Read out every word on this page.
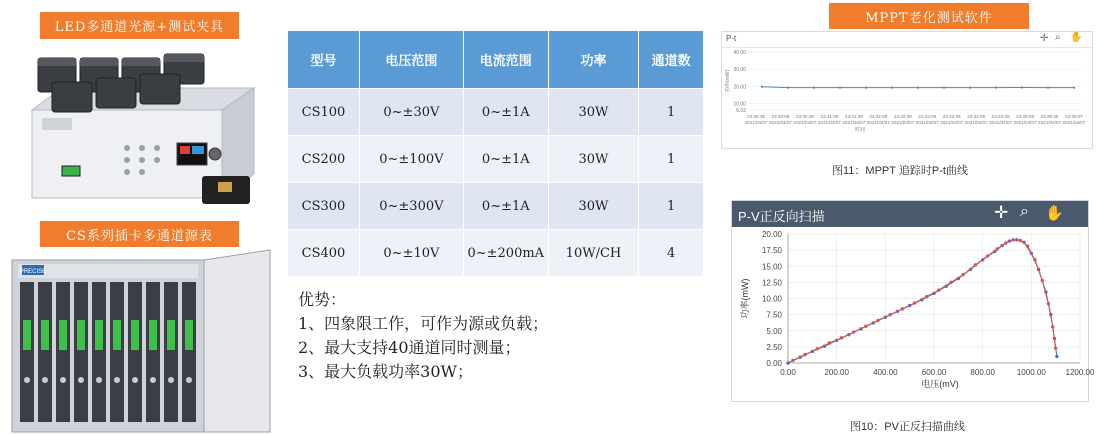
LED多通道光源+测试夹具
CS系列插卡多通道源表
PRECISE
型号	电压范围	电流范围	功率	通道数
CS100	0~±30V	0~±1A	30W	1
CS200	0~±100V	0~±1A	30W	1
CS300	0~±300V	0~±1A	30W	1
CS400	0~±10V	0~±200mA	10W/CH	4
优势：
1、四象限工作，可作为源或负载；
2、最大支持40通道同时测量；
3、最大负载功率30W；
MPPT老化测试软件
P-t	✛ ⌕ ✋
40.00
30.00
20.00
10.00
6.32
功率(mW)
23:28:39
2021/04/07
23:30:09
2021/04/07
23:30:39
2021/04/07
23:31:09
2021/04/07
23:31:39
2021/04/07
23:32:09
2021/04/07
23:32:39
2021/04/07
23:33:09
2021/04/07
23:33:39
2021/04/07
23:34:09
2021/04/07
23:34:39
2021/04/07
23:35:09
2021/04/07
23:35:39
2021/04/07
23:36:07
2021/04/07
时间
图11：MPPT 追踪时P-t曲线
P-V正反向扫描	✛ ⌕ ✋
0.00
2.50
5.00
7.50
10.00
12.50
15.00
17.50
20.00
0.00	200.00	400.00	600.00	800.00	1000.00 1200.00
电压(mV)
功率(mW)
图10：PV正反扫描曲线
